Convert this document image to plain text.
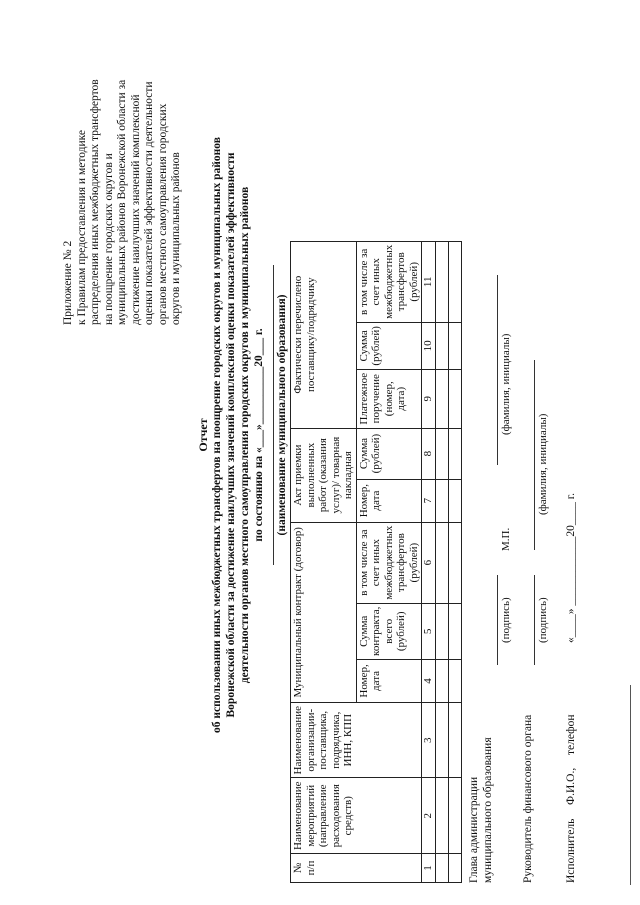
Приложение № 2 к Правилам предоставления и методике распределения иных межбюджетных трансфертов на поощрение городских округов и муниципальных районов Воронежской области за достижение наилучших значений комплексной оценки показателей эффективности деятельности органов местного самоуправления городских округов и муниципальных районов
Отчет об использовании иных межбюджетных трансфертов на поощрение городских округов и муниципальных районов Воронежской области за достижение наилучших значений комплексной оценки показателей эффективности деятельности органов местного самоуправления городских округов и муниципальных районов по состоянию на «___»__________20___ г. (наименование муниципального образования)
№ п/п	Наименование мероприятий (направление расходования средств)	Наименование организации-поставщика, подрядчика, ИНН, КПП	Муниципальный контракт (договор)			Акт приемки выполненных работ (оказания услуг)/ товарная накладная		Фактически перечислено поставщику/подрядчику		
			Номер, дата	Сумма контракта, всего (рублей)	в том числе за счет иных межбюджетных трансфертов (рублей)	Номер, дата	Сумма (рублей)	Платежное поручение (номер, дата)	Сумма (рублей)	в том числе за счет иных межбюджетных трансфертов (рублей)
1	2	3	4	5	6	7	8	9	10	11

Глава администрации муниципального образования
(подпись)
М.П.
(фамилия, инициалы)
Руководитель финансового органа
(подпись)
(фамилия, инициалы)
Исполнитель
Ф.И.О.,
телефон
«____» ____________20____ г.
